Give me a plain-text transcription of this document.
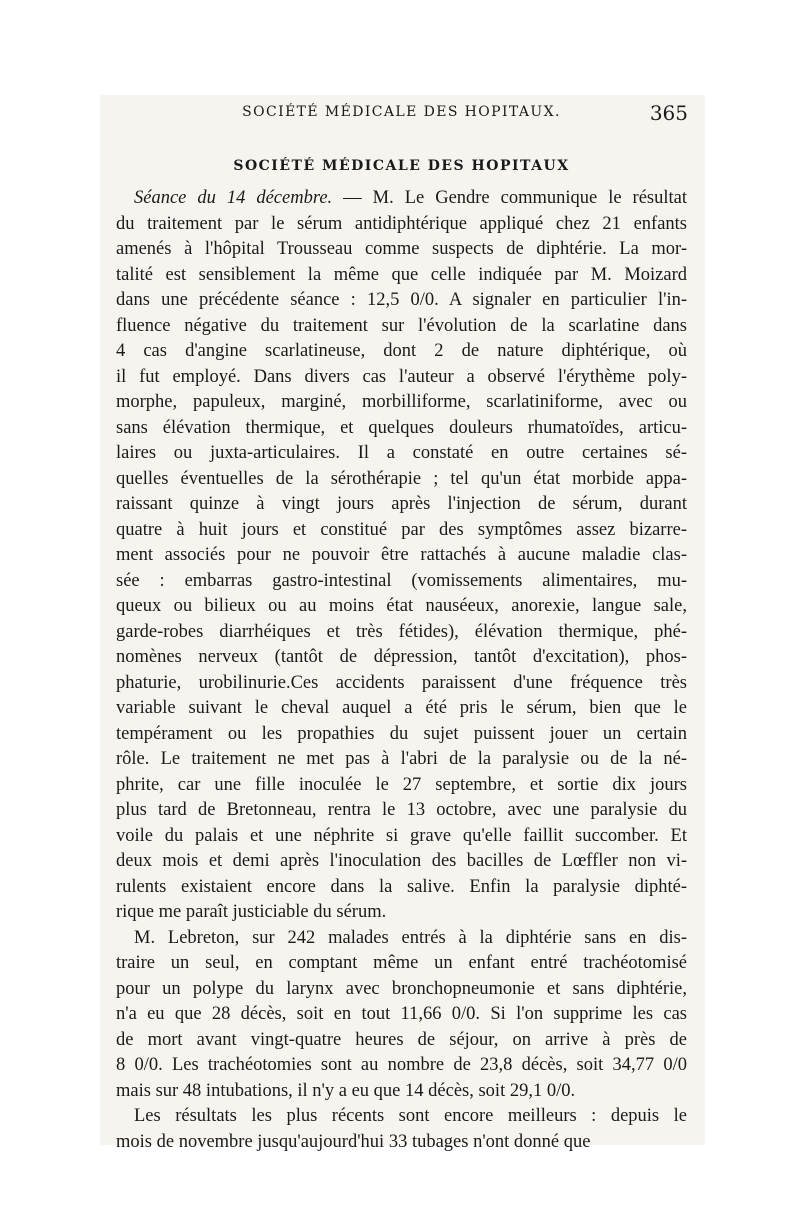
SOCIÉTÉ MÉDICALE DES HOPITAUX.	365
SOCIÉTÉ MÉDICALE DES HOPITAUX
Séance du 14 décembre. — M. Le Gendre communique le résultat
du traitement par le sérum antidiphtérique appliqué chez 21 enfants
amenés à l'hôpital Trousseau comme suspects de diphtérie. La mor-
talité est sensiblement la même que celle indiquée par M. Moizard
dans une précédente séance : 12,5 0/0. A signaler en particulier l'in-
fluence négative du traitement sur l'évolution de la scarlatine dans
4 cas d'angine scarlatineuse, dont 2 de nature diphtérique, où
il fut employé. Dans divers cas l'auteur a observé l'érythème poly-
morphe, papuleux, marginé, morbilliforme, scarlatiniforme, avec ou
sans élévation thermique, et quelques douleurs rhumatoïdes, articu-
laires ou juxta-articulaires. Il a constaté en outre certaines sé-
quelles éventuelles de la sérothérapie ; tel qu'un état morbide appa-
raissant quinze à vingt jours après l'injection de sérum, durant
quatre à huit jours et constitué par des symptômes assez bizarre-
ment associés pour ne pouvoir être rattachés à aucune maladie clas-
sée : embarras gastro-intestinal (vomissements alimentaires, mu-
queux ou bilieux ou au moins état nauséeux, anorexie, langue sale,
garde-robes diarrhéiques et très fétides), élévation thermique, phé-
nomènes nerveux (tantôt de dépression, tantôt d'excitation), phos-
phaturie, urobilinurie.Ces accidents paraissent d'une fréquence très
variable suivant le cheval auquel a été pris le sérum, bien que le
tempérament ou les propathies du sujet puissent jouer un certain
rôle. Le traitement ne met pas à l'abri de la paralysie ou de la né-
phrite, car une fille inoculée le 27 septembre, et sortie dix jours
plus tard de Bretonneau, rentra le 13 octobre, avec une paralysie du
voile du palais et une néphrite si grave qu'elle faillit succomber. Et
deux mois et demi après l'inoculation des bacilles de Lœffler non vi-
rulents existaient encore dans la salive. Enfin la paralysie diphté-
rique me paraît justiciable du sérum.
M. Lebreton, sur 242 malades entrés à la diphtérie sans en dis-
traire un seul, en comptant même un enfant entré trachéotomisé
pour un polype du larynx avec bronchopneumonie et sans diphtérie,
n'a eu que 28 décès, soit en tout 11,66 0/0. Si l'on supprime les cas
de mort avant vingt-quatre heures de séjour, on arrive à près de
8 0/0. Les trachéotomies sont au nombre de 23,8 décès, soit 34,77 0/0
mais sur 48 intubations, il n'y a eu que 14 décès, soit 29,1 0/0.
Les résultats les plus récents sont encore meilleurs : depuis le
mois de novembre jusqu'aujourd'hui 33 tubages n'ont donné que
